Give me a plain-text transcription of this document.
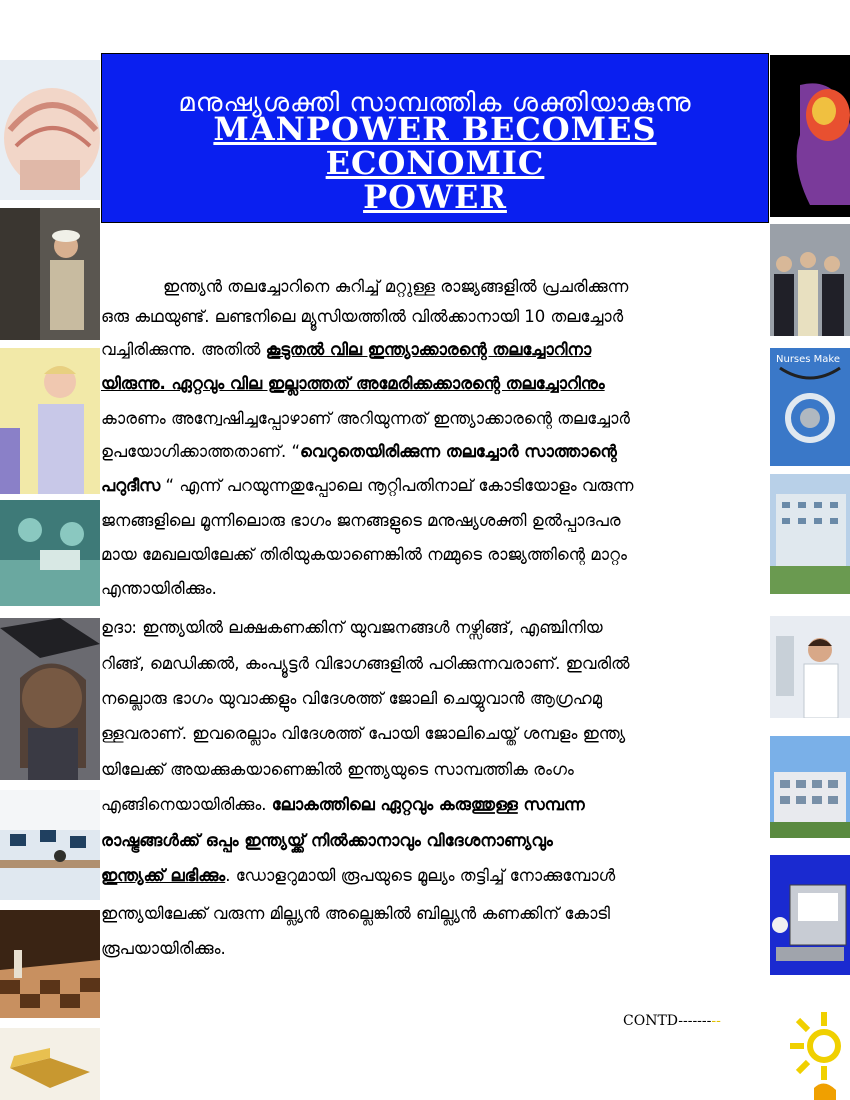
Nurses Make
മനുഷ്യശക്തി സാമ്പത്തിക ശക്തിയാകുന്നു
MANPOWER BECOMES ECONOMIC
POWER
ഇന്ത്യൻ തലച്ചോറിനെ കുറിച്ച് മറ്റുള്ള രാജ്യങ്ങളിൽ പ്രചരിക്കുന്ന
ഒരു കഥയുണ്ട്. ലണ്ടനിലെ മ്യൂസിയത്തിൽ വിൽക്കാനായി 10 തലച്ചോർ
വച്ചിരിക്കുന്നു. അതിൽ കൂടുതൽ വില ഇന്ത്യാക്കാരന്റെ തലച്ചോറിനാ
യിരുന്നു. ഏറ്റവും വില ഇല്ലാത്തത് അമേരിക്കക്കാരന്റെ തലച്ചോറിനും
കാരണം അന്വേഷിച്ചപ്പോഴാണ് അറിയുന്നത് ഇന്ത്യാക്കാരന്റെ തലച്ചോർ
ഉപയോഗിക്കാത്തതാണ്. “വെറുതെയിരിക്കുന്ന തലച്ചോർ സാത്താന്റെ
പറുദീസ “ എന്ന് പറയുന്നതുപ്പോലെ നൂറ്റിപതിനാല് കോടിയോളം വരുന്ന
ജനങ്ങളിലെ മൂന്നിലൊരു ഭാഗം ജനങ്ങളുടെ മനുഷ്യശക്തി ഉൽപ്പാദപര
മായ മേഖലയിലേക്ക് തിരിയുകയാണെങ്കിൽ നമ്മുടെ രാജ്യത്തിന്റെ മാറ്റം
എന്തായിരിക്കും.
ഉദാ: ഇന്ത്യയിൽ ലക്ഷകണക്കിന് യുവജനങ്ങൾ നഴ്സിങ്ങ്, എഞ്ചിനിയ
റിങ്ങ്, മെഡിക്കൽ, കംപ്യൂട്ടർ വിഭാഗങ്ങളിൽ പഠിക്കുന്നവരാണ്. ഇവരിൽ
നല്ലൊരു ഭാഗം യുവാക്കളും വിദേശത്ത് ജോലി ചെയ്യുവാൻ ആഗ്രഹമു
ള്ളവരാണ്. ഇവരെല്ലാം വിദേശത്ത് പോയി ജോലിചെയ്ത് ശമ്പളം ഇന്ത്യ
യിലേക്ക് അയക്കുകയാണെങ്കിൽ ഇന്ത്യയുടെ സാമ്പത്തിക രംഗം
എങ്ങിനെയായിരിക്കും. ലോകത്തിലെ ഏറ്റവും കരുത്തുള്ള സമ്പന്ന
രാഷ്ട്രങ്ങൾക്ക് ഒപ്പം ഇന്ത്യയ്ക്ക് നിൽക്കാനാവും വിദേശനാണ്യവും
ഇന്ത്യക്ക് ലഭിക്കും. ഡോളറുമായി രൂപയുടെ മൂല്യം തട്ടിച്ച് നോക്കുമ്പോൾ
ഇന്ത്യയിലേക്ക് വരുന്ന മില്ല്യൻ അല്ലെങ്കിൽ ബില്ല്യൻ കണക്കിന് കോടി
രൂപയായിരിക്കും.
CONTD---------
